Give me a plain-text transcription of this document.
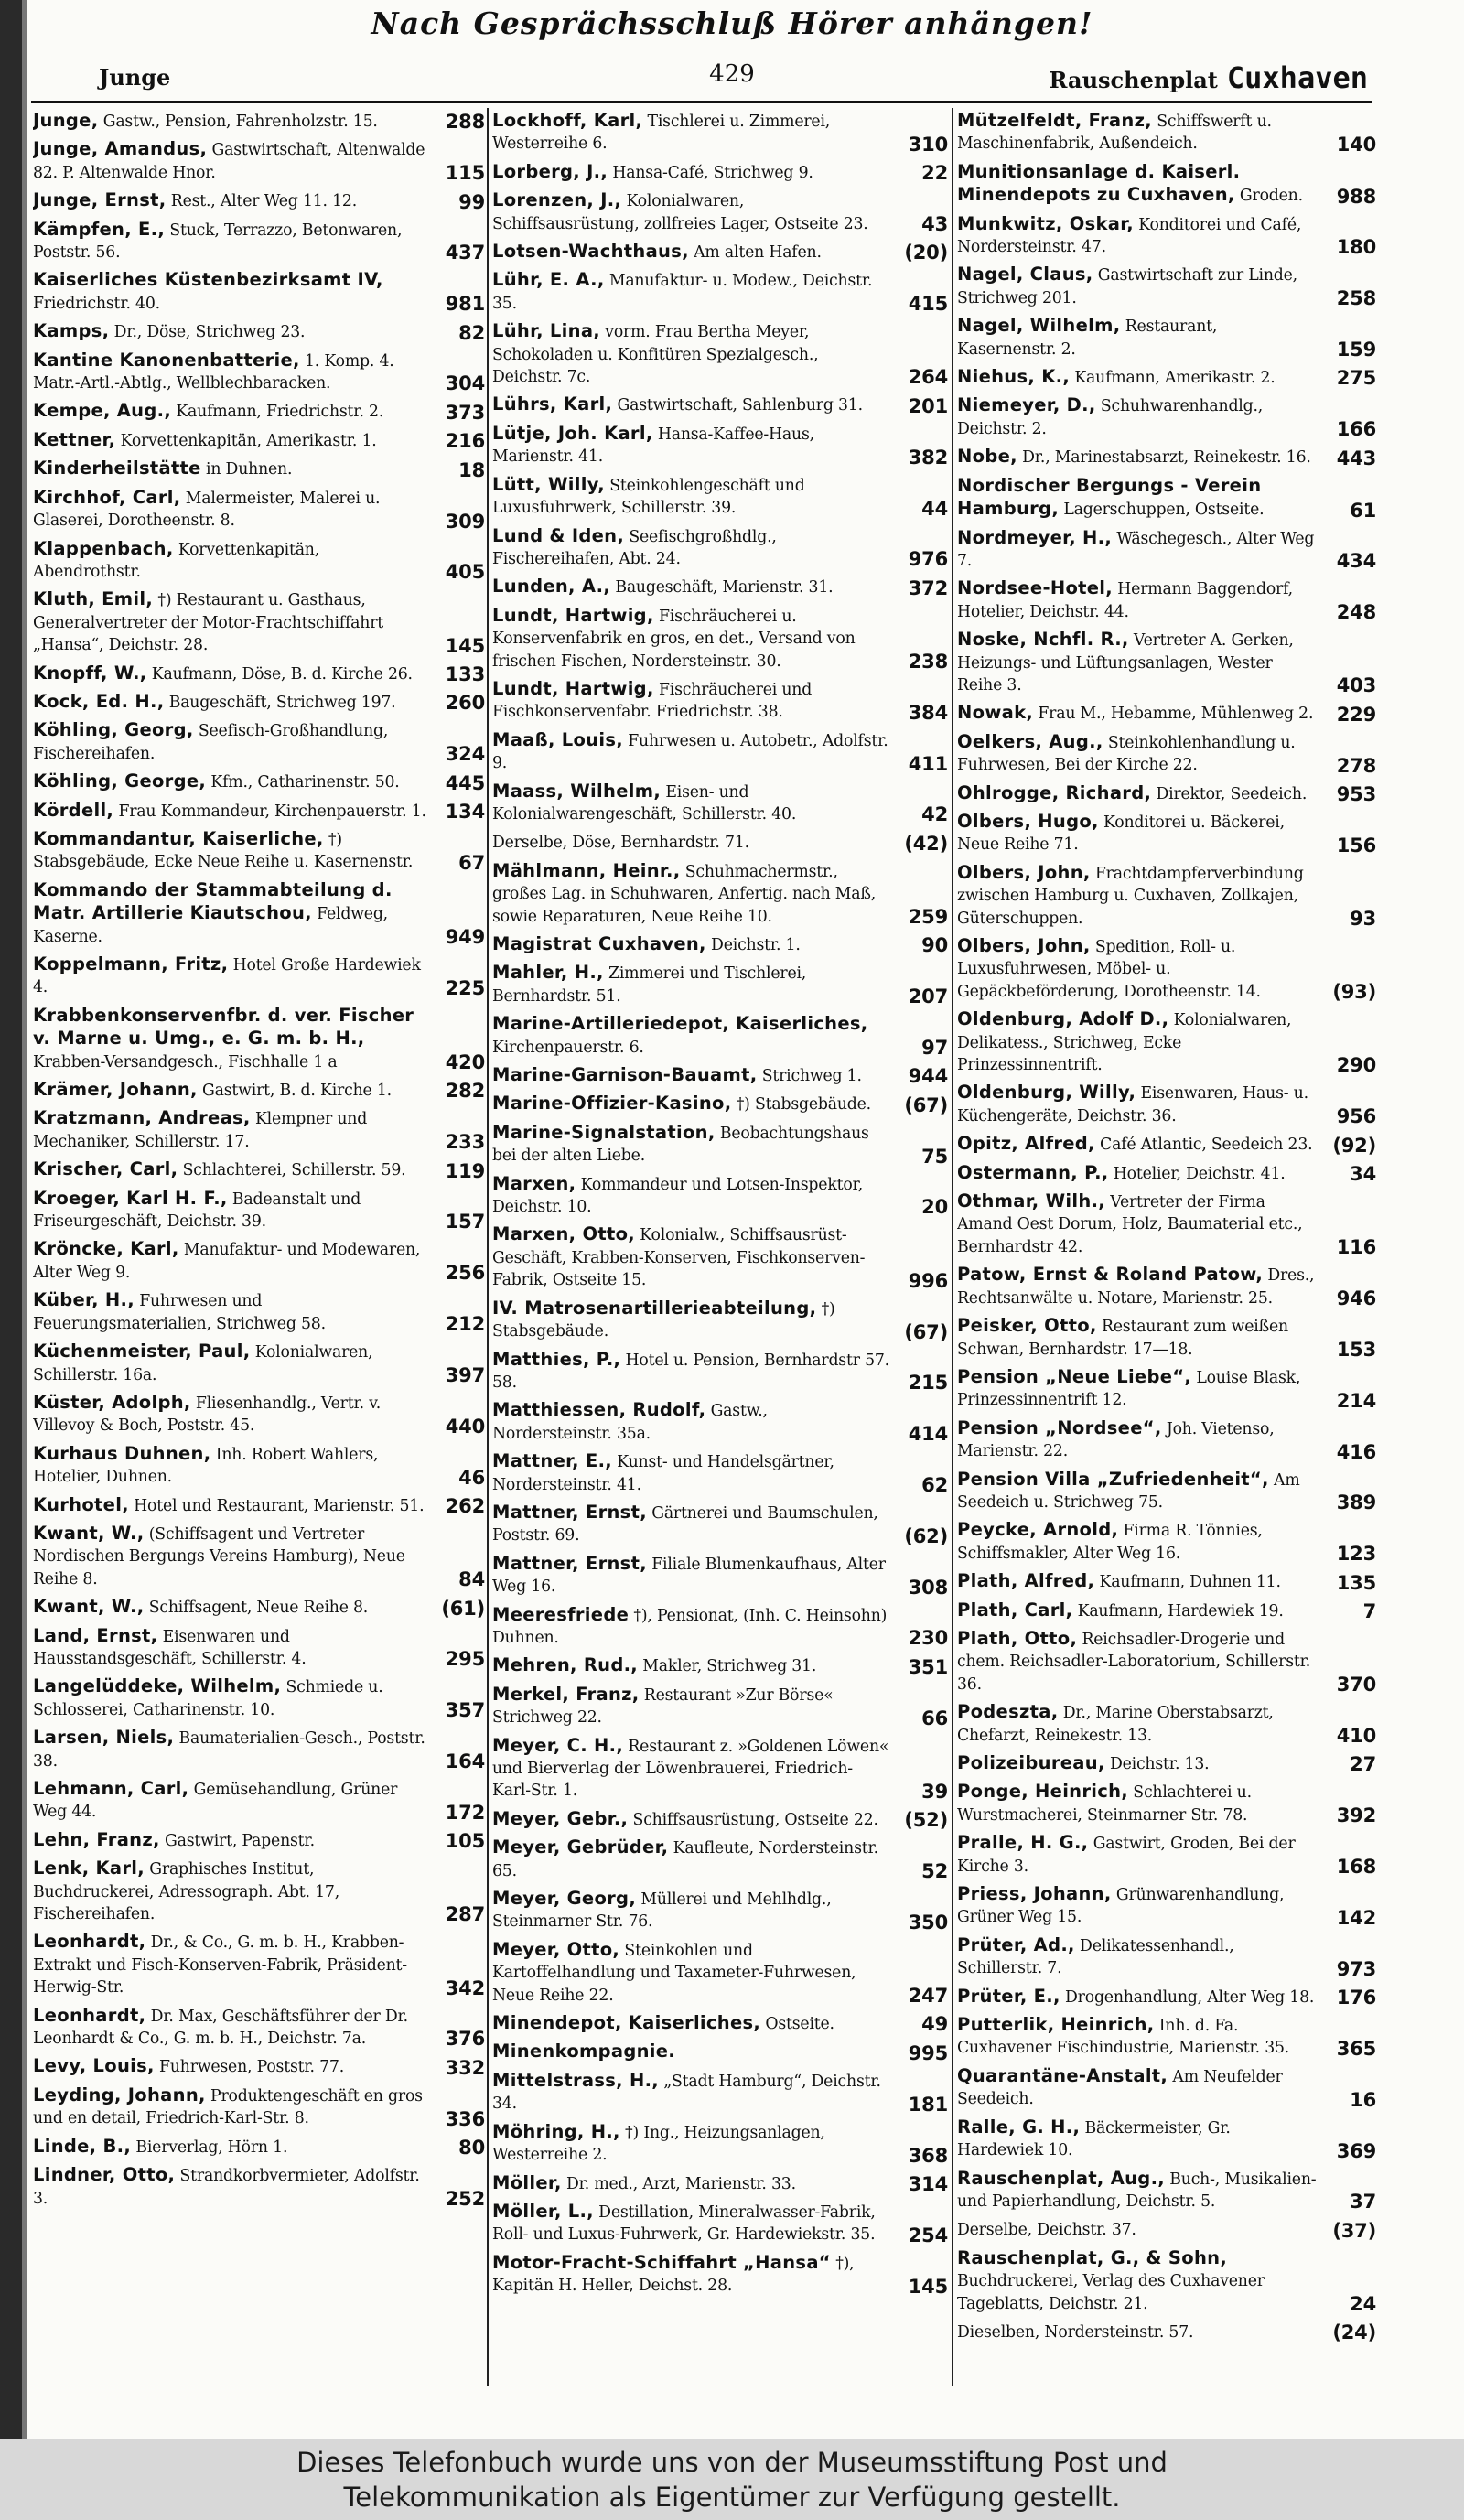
Nach Gesprächsschluß Hörer anhängen!
Junge	429	Rauschenplat Cuxhaven
Junge, Gastw., Pension, Fahrenholzstr. 15.	288
Junge, Amandus, Gastwirtschaft, Altenwalde 82. P. Altenwalde Hnor.	115
Junge, Ernst, Rest., Alter Weg 11. 12.	99
Kämpfen, E., Stuck, Terrazzo, Betonwaren, Poststr. 56.	437
Kaiserliches Küstenbezirksamt IV, Friedrichstr. 40.	981
Kamps, Dr., Döse, Strichweg 23.	82
Kantine Kanonenbatterie, 1. Komp. 4. Matr.-Artl.-Abtlg., Wellblechbaracken.	304
Kempe, Aug., Kaufmann, Friedrichstr. 2.	373
Kettner, Korvettenkapitän, Amerikastr. 1.	216
Kinderheilstätte in Duhnen.	18
Kirchhof, Carl, Malermeister, Malerei u. Glaserei, Dorotheenstr. 8.	309
Klappenbach, Korvettenkapitän, Abendrothstr.	405
Kluth, Emil, †) Restaurant u. Gasthaus, Generalvertreter der Motor-Frachtschiffahrt „Hansa“, Deichstr. 28.	145
Knopff, W., Kaufmann, Döse, B. d. Kirche 26.	133
Kock, Ed. H., Baugeschäft, Strichweg 197.	260
Köhling, Georg, Seefisch-Großhandlung, Fischereihafen.	324
Köhling, George, Kfm., Catharinenstr. 50.	445
Kördell, Frau Kommandeur, Kirchenpauerstr. 1.	134
Kommandantur, Kaiserliche, †) Stabsgebäude, Ecke Neue Reihe u. Kasernenstr.	67
Kommando der Stammabteilung d. Matr. Artillerie Kiautschou, Feldweg, Kaserne.	949
Koppelmann, Fritz, Hotel Große Hardewiek 4.	225
Krabbenkonservenfbr. d. ver. Fischer v. Marne u. Umg., e. G. m. b. H., Krabben-Versandgesch., Fischhalle 1 a	420
Krämer, Johann, Gastwirt, B. d. Kirche 1.	282
Kratzmann, Andreas, Klempner und Mechaniker, Schillerstr. 17.	233
Krischer, Carl, Schlachterei, Schillerstr. 59.	119
Kroeger, Karl H. F., Badeanstalt und Friseurgeschäft, Deichstr. 39.	157
Kröncke, Karl, Manufaktur- und Modewaren, Alter Weg 9.	256
Küber, H., Fuhrwesen und Feuerungsmaterialien, Strichweg 58.	212
Küchenmeister, Paul, Kolonialwaren, Schillerstr. 16a.	397
Küster, Adolph, Fliesenhandlg., Vertr. v. Villevoy & Boch, Poststr. 45.	440
Kurhaus Duhnen, Inh. Robert Wahlers, Hotelier, Duhnen.	46
Kurhotel, Hotel und Restaurant, Marienstr. 51.	262
Kwant, W., (Schiffsagent und Vertreter Nordischen Bergungs Vereins Hamburg), Neue Reihe 8.	84
Kwant, W., Schiffsagent, Neue Reihe 8.	(61)
Land, Ernst, Eisenwaren und Hausstandsgeschäft, Schillerstr. 4.	295
Langelüddeke, Wilhelm, Schmiede u. Schlosserei, Catharinenstr. 10.	357
Larsen, Niels, Baumaterialien-Gesch., Poststr. 38.	164
Lehmann, Carl, Gemüsehandlung, Grüner Weg 44.	172
Lehn, Franz, Gastwirt, Papenstr.	105
Lenk, Karl, Graphisches Institut, Buchdruckerei, Adressograph. Abt. 17, Fischereihafen.	287
Leonhardt, Dr., & Co., G. m. b. H., Krabben-Extrakt und Fisch-Konserven-Fabrik, Präsident-Herwig-Str.	342
Leonhardt, Dr. Max, Geschäftsführer der Dr. Leonhardt & Co., G. m. b. H., Deichstr. 7a.	376
Levy, Louis, Fuhrwesen, Poststr. 77.	332
Leyding, Johann, Produktengeschäft en gros und en detail, Friedrich-Karl-Str. 8.	336
Linde, B., Bierverlag, Hörn 1.	80
Lindner, Otto, Strandkorbvermieter, Adolfstr. 3.	252
Lockhoff, Karl, Tischlerei u. Zimmerei, Westerreihe 6.	310
Lorberg, J., Hansa-Café, Strichweg 9.	22
Lorenzen, J., Kolonialwaren, Schiffsausrüstung, zollfreies Lager, Ostseite 23.	43
Lotsen-Wachthaus, Am alten Hafen.	(20)
Lühr, E. A., Manufaktur- u. Modew., Deichstr. 35.	415
Lühr, Lina, vorm. Frau Bertha Meyer, Schokoladen u. Konfitüren Spezialgesch., Deichstr. 7c.	264
Lührs, Karl, Gastwirtschaft, Sahlenburg 31.	201
Lütje, Joh. Karl, Hansa-Kaffee-Haus, Marienstr. 41.	382
Lütt, Willy, Steinkohlengeschäft und Luxusfuhrwerk, Schillerstr. 39.	44
Lund & Iden, Seefischgroßhdlg., Fischereihafen, Abt. 24.	976
Lunden, A., Baugeschäft, Marienstr. 31.	372
Lundt, Hartwig, Fischräucherei u. Konservenfabrik en gros, en det., Versand von frischen Fischen, Nordersteinstr. 30.	238
Lundt, Hartwig, Fischräucherei und Fischkonservenfabr. Friedrichstr. 38.	384
Maaß, Louis, Fuhrwesen u. Autobetr., Adolfstr. 9.	411
Maass, Wilhelm, Eisen- und Kolonialwarengeschäft, Schillerstr. 40.	42
Derselbe, Döse, Bernhardstr. 71.	(42)
Mählmann, Heinr., Schuhmachermstr., großes Lag. in Schuhwaren, Anfertig. nach Maß, sowie Reparaturen, Neue Reihe 10.	259
Magistrat Cuxhaven, Deichstr. 1.	90
Mahler, H., Zimmerei und Tischlerei, Bernhardstr. 51.	207
Marine-Artilleriedepot, Kaiserliches, Kirchenpauerstr. 6.	97
Marine-Garnison-Bauamt, Strichweg 1.	944
Marine-Offizier-Kasino, †) Stabsgebäude.	(67)
Marine-Signalstation, Beobachtungshaus bei der alten Liebe.	75
Marxen, Kommandeur und Lotsen-Inspektor, Deichstr. 10.	20
Marxen, Otto, Kolonialw., Schiffsausrüst-Geschäft, Krabben-Konserven, Fischkonserven-Fabrik, Ostseite 15.	996
IV. Matrosenartillerieabteilung, †) Stabsgebäude.	(67)
Matthies, P., Hotel u. Pension, Bernhardstr 57. 58.	215
Matthiessen, Rudolf, Gastw., Nordersteinstr. 35a.	414
Mattner, E., Kunst- und Handelsgärtner, Nordersteinstr. 41.	62
Mattner, Ernst, Gärtnerei und Baumschulen, Poststr. 69.	(62)
Mattner, Ernst, Filiale Blumenkaufhaus, Alter Weg 16.	308
Meeresfriede †), Pensionat, (Inh. C. Heinsohn) Duhnen.	230
Mehren, Rud., Makler, Strichweg 31.	351
Merkel, Franz, Restaurant »Zur Börse« Strichweg 22.	66
Meyer, C. H., Restaurant z. »Goldenen Löwen« und Bierverlag der Löwenbrauerei, Friedrich-Karl-Str. 1.	39
Meyer, Gebr., Schiffsausrüstung, Ostseite 22.	(52)
Meyer, Gebrüder, Kaufleute, Nordersteinstr. 65.	52
Meyer, Georg, Müllerei und Mehlhdlg., Steinmarner Str. 76.	350
Meyer, Otto, Steinkohlen und Kartoffelhandlung und Taxameter-Fuhrwesen, Neue Reihe 22.	247
Minendepot, Kaiserliches, Ostseite.	49
Minenkompagnie.	995
Mittelstrass, H., „Stadt Hamburg“, Deichstr. 34.	181
Möhring, H., †) Ing., Heizungsanlagen, Westerreihe 2.	368
Möller, Dr. med., Arzt, Marienstr. 33.	314
Möller, L., Destillation, Mineralwasser-Fabrik, Roll- und Luxus-Fuhrwerk, Gr. Hardewiekstr. 35.	254
Motor-Fracht-Schiffahrt „Hansa“ †), Kapitän H. Heller, Deichst. 28.	145
Mützelfeldt, Franz, Schiffswerft u. Maschinenfabrik, Außendeich.	140
Munitionsanlage d. Kaiserl. Minendepots zu Cuxhaven, Groden.	988
Munkwitz, Oskar, Konditorei und Café, Nordersteinstr. 47.	180
Nagel, Claus, Gastwirtschaft zur Linde, Strichweg 201.	258
Nagel, Wilhelm, Restaurant, Kasernenstr. 2.	159
Niehus, K., Kaufmann, Amerikastr. 2.	275
Niemeyer, D., Schuhwarenhandlg., Deichstr. 2.	166
Nobe, Dr., Marinestabsarzt, Reinekestr. 16.	443
Nordischer Bergungs - Verein Hamburg, Lagerschuppen, Ostseite.	61
Nordmeyer, H., Wäschegesch., Alter Weg 7.	434
Nordsee-Hotel, Hermann Baggendorf, Hotelier, Deichstr. 44.	248
Noske, Nchfl. R., Vertreter A. Gerken, Heizungs- und Lüftungsanlagen, Wester Reihe 3.	403
Nowak, Frau M., Hebamme, Mühlenweg 2.	229
Oelkers, Aug., Steinkohlenhandlung u. Fuhrwesen, Bei der Kirche 22.	278
Ohlrogge, Richard, Direktor, Seedeich.	953
Olbers, Hugo, Konditorei u. Bäckerei, Neue Reihe 71.	156
Olbers, John, Frachtdampferverbindung zwischen Hamburg u. Cuxhaven, Zollkajen, Güterschuppen.	93
Olbers, John, Spedition, Roll- u. Luxusfuhrwesen, Möbel- u. Gepäckbeförderung, Dorotheenstr. 14.	(93)
Oldenburg, Adolf D., Kolonialwaren, Delikatess., Strichweg, Ecke Prinzessinnentrift.	290
Oldenburg, Willy, Eisenwaren, Haus- u. Küchengeräte, Deichstr. 36.	956
Opitz, Alfred, Café Atlantic, Seedeich 23.	(92)
Ostermann, P., Hotelier, Deichstr. 41.	34
Othmar, Wilh., Vertreter der Firma Amand Oest Dorum, Holz, Baumaterial etc., Bernhardstr 42.	116
Patow, Ernst & Roland Patow, Dres., Rechtsanwälte u. Notare, Marienstr. 25.	946
Peisker, Otto, Restaurant zum weißen Schwan, Bernhardstr. 17—18.	153
Pension „Neue Liebe“, Louise Blask, Prinzessinnentrift 12.	214
Pension „Nordsee“, Joh. Vietenso, Marienstr. 22.	416
Pension Villa „Zufriedenheit“, Am Seedeich u. Strichweg 75.	389
Peycke, Arnold, Firma R. Tönnies, Schiffsmakler, Alter Weg 16.	123
Plath, Alfred, Kaufmann, Duhnen 11.	135
Plath, Carl, Kaufmann, Hardewiek 19.	7
Plath, Otto, Reichsadler-Drogerie und chem. Reichsadler-Laboratorium, Schillerstr. 36.	370
Podeszta, Dr., Marine Oberstabsarzt, Chefarzt, Reinekestr. 13.	410
Polizeibureau, Deichstr. 13.	27
Ponge, Heinrich, Schlachterei u. Wurstmacherei, Steinmarner Str. 78.	392
Pralle, H. G., Gastwirt, Groden, Bei der Kirche 3.	168
Priess, Johann, Grünwarenhandlung, Grüner Weg 15.	142
Prüter, Ad., Delikatessenhandl., Schillerstr. 7.	973
Prüter, E., Drogenhandlung, Alter Weg 18.	176
Putterlik, Heinrich, Inh. d. Fa. Cuxhavener Fischindustrie, Marienstr. 35.	365
Quarantäne-Anstalt, Am Neufelder Seedeich.	16
Ralle, G. H., Bäckermeister, Gr. Hardewiek 10.	369
Rauschenplat, Aug., Buch-, Musikalien- und Papierhandlung, Deichstr. 5.	37
Derselbe, Deichstr. 37.	(37)
Rauschenplat, G., & Sohn, Buchdruckerei, Verlag des Cuxhavener Tageblatts, Deichstr. 21.	24
Dieselben, Nordersteinstr. 57.	(24)
Dieses Telefonbuch wurde uns von der Museumsstiftung Post und
Telekommunikation als Eigentümer zur Verfügung gestellt.
